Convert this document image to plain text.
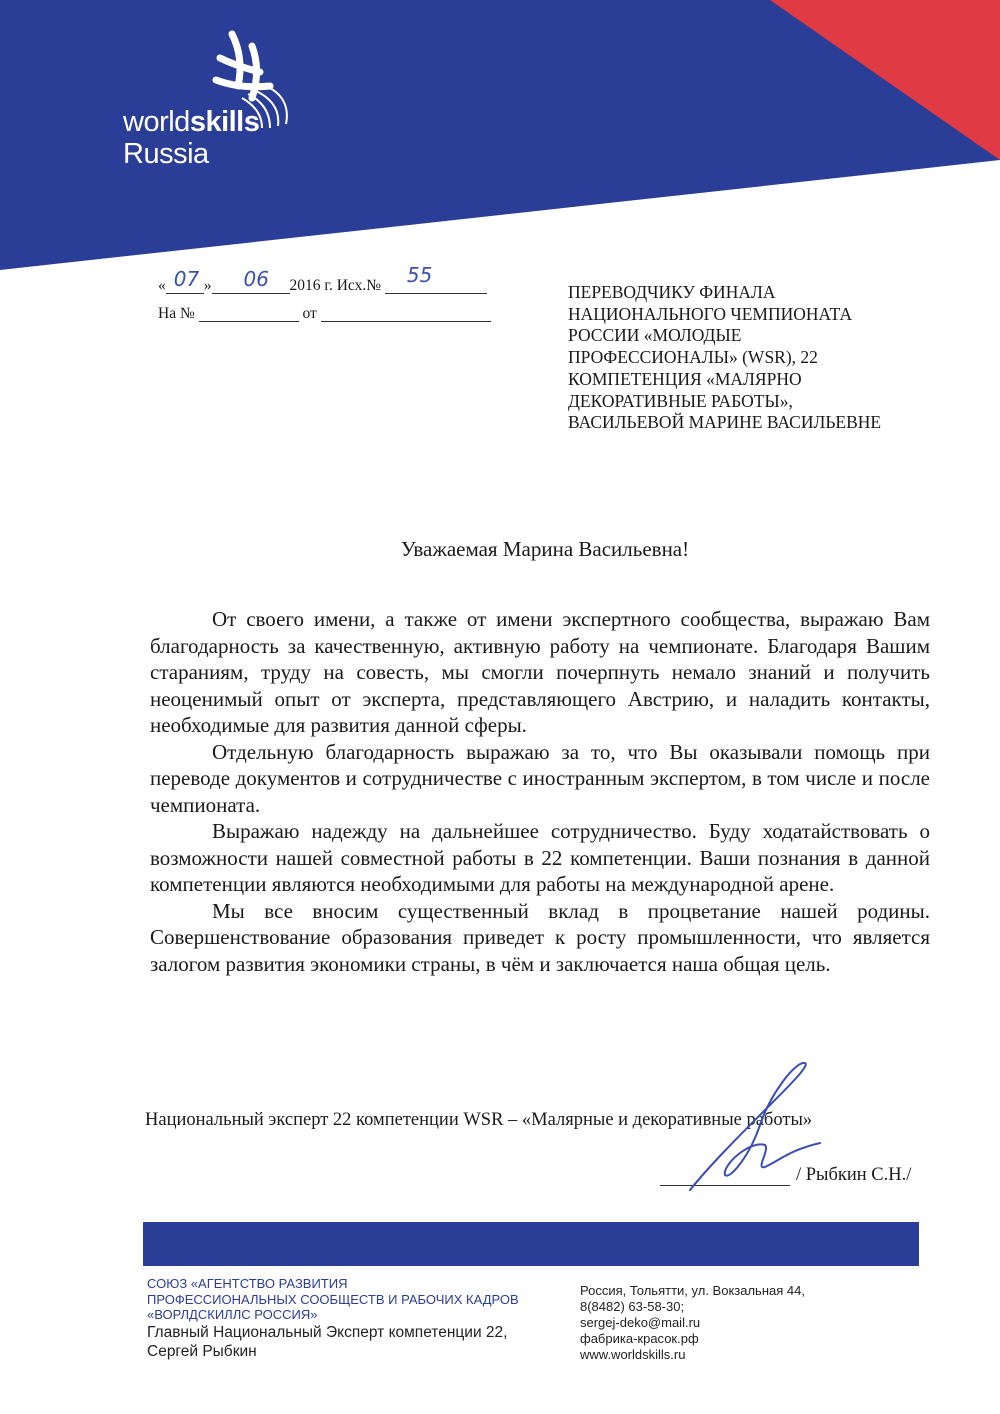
worldskills
Russia
« 07 » 06 2016 г. Исх.№ 55
На №	от
ПЕРЕВОДЧИКУ ФИНАЛА
НАЦИОНАЛЬНОГО ЧЕМПИОНАТА
РОССИИ «МОЛОДЫЕ
ПРОФЕССИОНАЛЫ» (WSR), 22
КОМПЕТЕНЦИЯ «МАЛЯРНО
ДЕКОРАТИВНЫЕ РАБОТЫ»,
ВАСИЛЬЕВОЙ МАРИНЕ ВАСИЛЬЕВНЕ
Уважаемая Марина Васильевна!

От своего имени, а также от имени экспертного сообщества, выражаю Вам благодарность за качественную, активную работу на чемпионате. Благодаря Вашим стараниям, труду на совесть, мы смогли почерпнуть немало знаний и получить неоценимый опыт от эксперта, представляющего Австрию, и наладить контакты, необходимые для развития данной сферы.

Отдельную благодарность выражаю за то, что Вы оказывали помощь при переводе документов и сотрудничестве с иностранным экспертом, в том числе и после чемпионата.

Выражаю надежду на дальнейшее сотрудничество. Буду ходатайствовать о возможности нашей совместной работы в 22 компетенции. Ваши познания в данной компетенции являются необходимыми для работы на международной арене.

Мы все вносим существенный вклад в процветание нашей родины. Совершенствование образования приведет к росту промышленности, что является залогом развития экономики страны, в чём и заключается наша общая цель.

Национальный эксперт 22 компетенции WSR – «Малярные и декоративные работы»
/ Рыбкин С.Н./
СОЮЗ «АГЕНТСТВО РАЗВИТИЯ
ПРОФЕССИОНАЛЬНЫХ СООБЩЕСТВ И РАБОЧИХ КАДРОВ
«ВОРЛДСКИЛЛС РОССИЯ»
Главный Национальный Эксперт компетенции 22,
Сергей Рыбкин
Россия, Тольятти, ул. Вокзальная 44,
8(8482) 63-58-30;
sergej-deko@mail.ru
фабрика-красок.рф
www.worldskills.ru
